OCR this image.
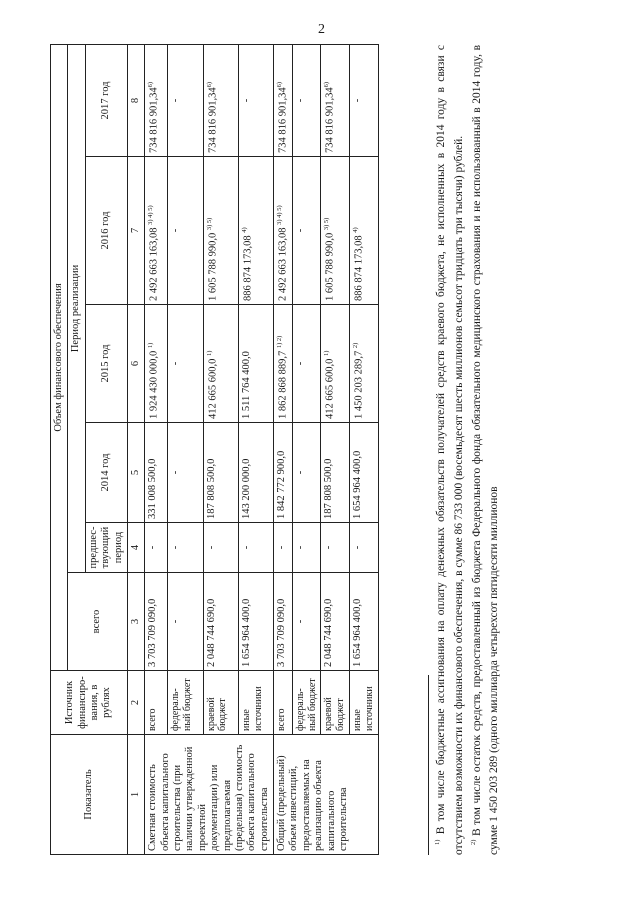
2
Показатель	Источник финансиро-вания, в рублях	Объем финансового обеспечения					
		всего	Период реализации				
			предшес-твующий период	2014 год	2015 год	2016 год	2017 год
1	2	3	4	5	6	7	8
Сметная стоимость объекта капитального строительства (при наличии утвержденной проектной документации) или предполагаемая (предельная) стоимость объекта капитального строительства	всего	3 703 709 090,0	-	331 008 500,0	1 924 430 000,0 $^{1)}$	2 492 663 163,08 $^{3) 4) 5)}$	734 816 901,34$^{6)}$
	федераль-ный бюджет	-	-	-	-	-	-
	краевой бюджет	2 048 744 690,0	-	187 808 500,0	412 665 600,0 $^{1)}$	1 605 788 990,0 $^{3) 5)}$	734 816 901,34$^{6)}$
	иные источники	1 654 964 400,0	-	143 200 000,0	1 511 764 400,0	886 874 173,08 $^{4)}$	-
Общий (предельный) объем инвестиций, предоставляемых на реализацию объекта капитального строительства	всего	3 703 709 090,0	-	1 842 772 900,0	1 862 868 889,7 $^{1) 2)}$	2 492 663 163,08 $^{3) 4) 5)}$	734 816 901,34$^{6)}$
	федераль-ный бюджет	-	-	-	-	-	-
	краевой бюджет	2 048 744 690,0	-	187 808 500,0	412 665 600,0 $^{1)}$	1 605 788 990,0 $^{3) 5)}$	734 816 901,34$^{6)}$
	иные источники	1 654 964 400,0	-	1 654 964 400,0	1 450 203 289,7 $^{2)}$	886 874 173,08 $^{4)}$	-

$^{1)}$ В том числе бюджетные ассигнования на оплату денежных обязательств получателей средств краевого бюджета, не исполненных в 2014 году в связи с отсутствием возможности их финансового обеспечения, в сумме 86 733 000 (восемьдесят шесть миллионов семьсот тридцать три тысячи) рублей. $^{2)}$ В том числе остаток средств, предоставленный из бюджета Федерального фонда обязательного медицинского страхования и не использованный в 2014 году, в сумме 1 450 203 289 (одного миллиарда четырехсот пятидесяти миллионов
